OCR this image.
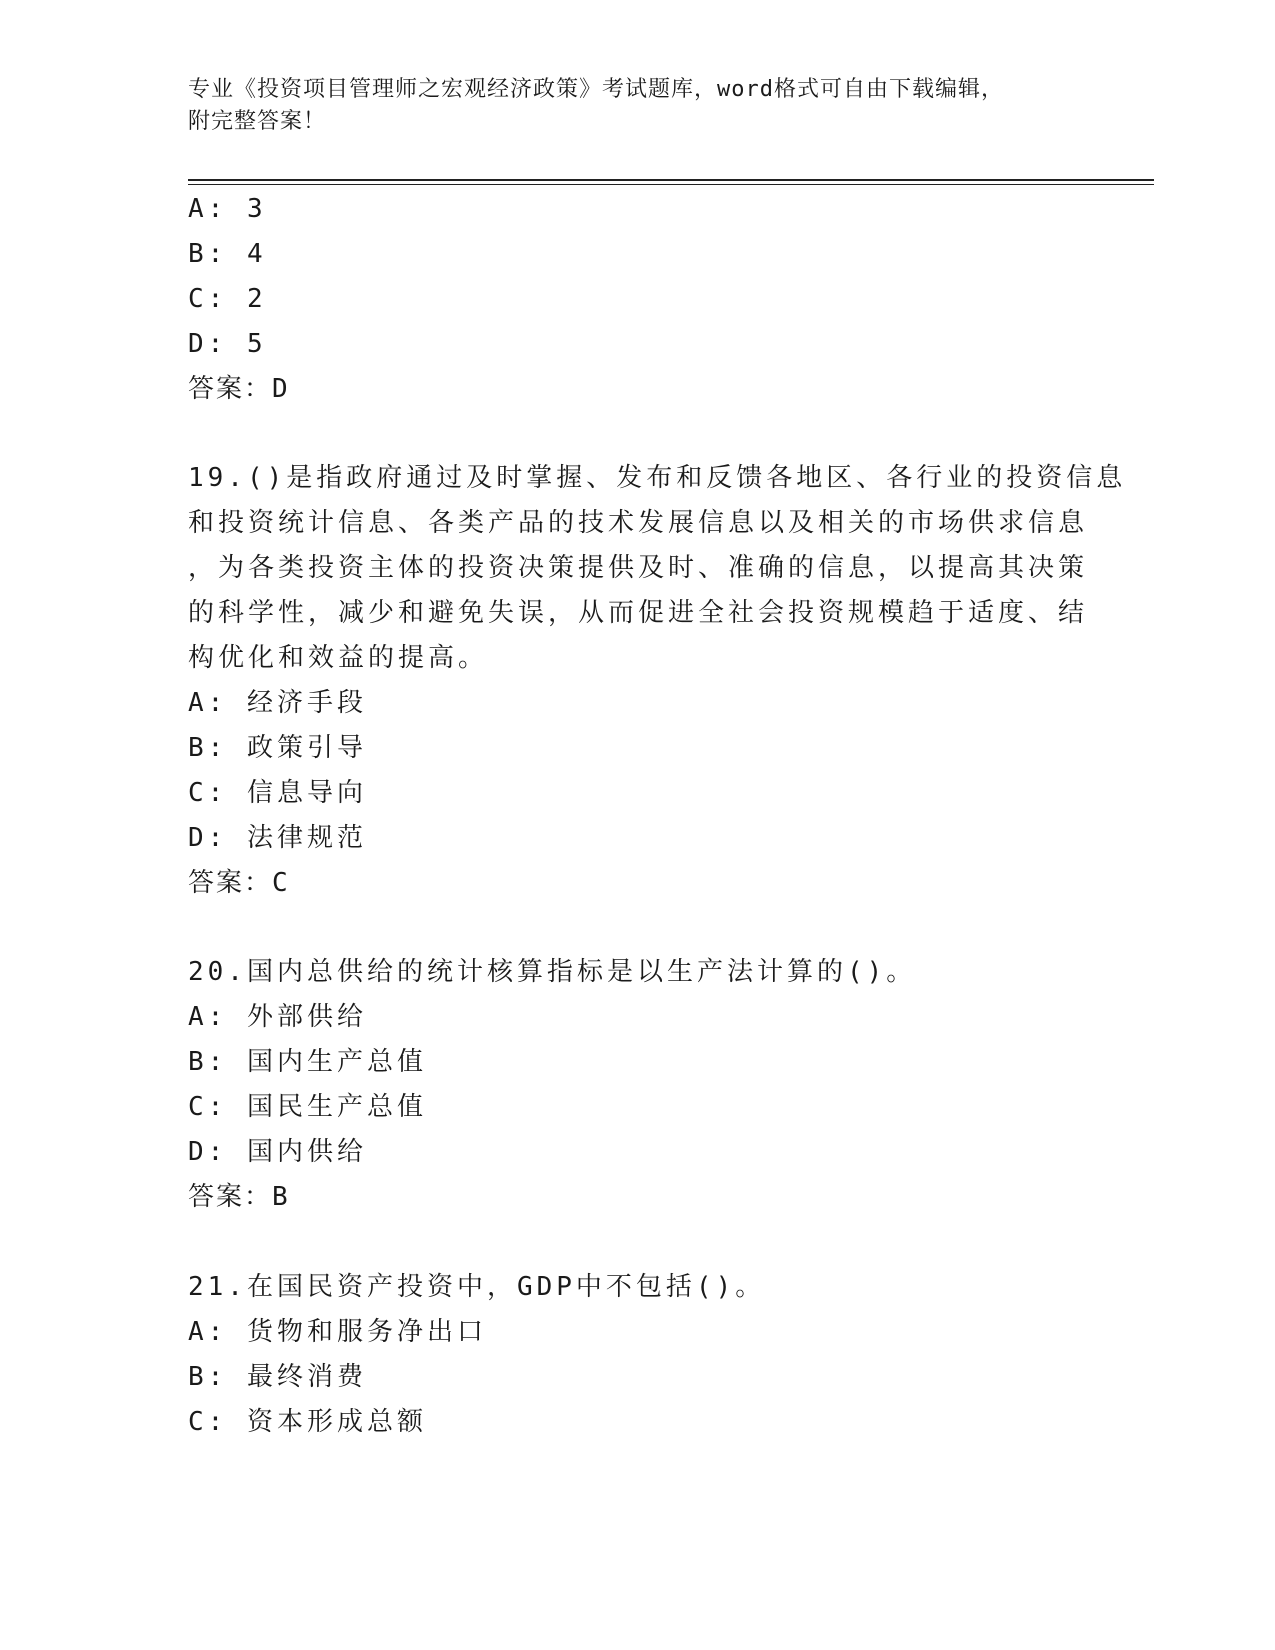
专业《投资项目管理师之宏观经济政策》考试题库，word格式可自由下载编辑，
附完整答案！
A: 3
B: 4
C: 2
D: 5
答案：D
19.()是指政府通过及时掌握、发布和反馈各地区、各行业的投资信息
和投资统计信息、各类产品的技术发展信息以及相关的市场供求信息
，为各类投资主体的投资决策提供及时、准确的信息，以提高其决策
的科学性，减少和避免失误，从而促进全社会投资规模趋于适度、结
构优化和效益的提高。
A: 经济手段
B: 政策引导
C: 信息导向
D: 法律规范
答案：C
20.国内总供给的统计核算指标是以生产法计算的()。
A: 外部供给
B: 国内生产总值
C: 国民生产总值
D: 国内供给
答案：B
21.在国民资产投资中，GDP中不包括()。
A: 货物和服务净出口
B: 最终消费
C: 资本形成总额
